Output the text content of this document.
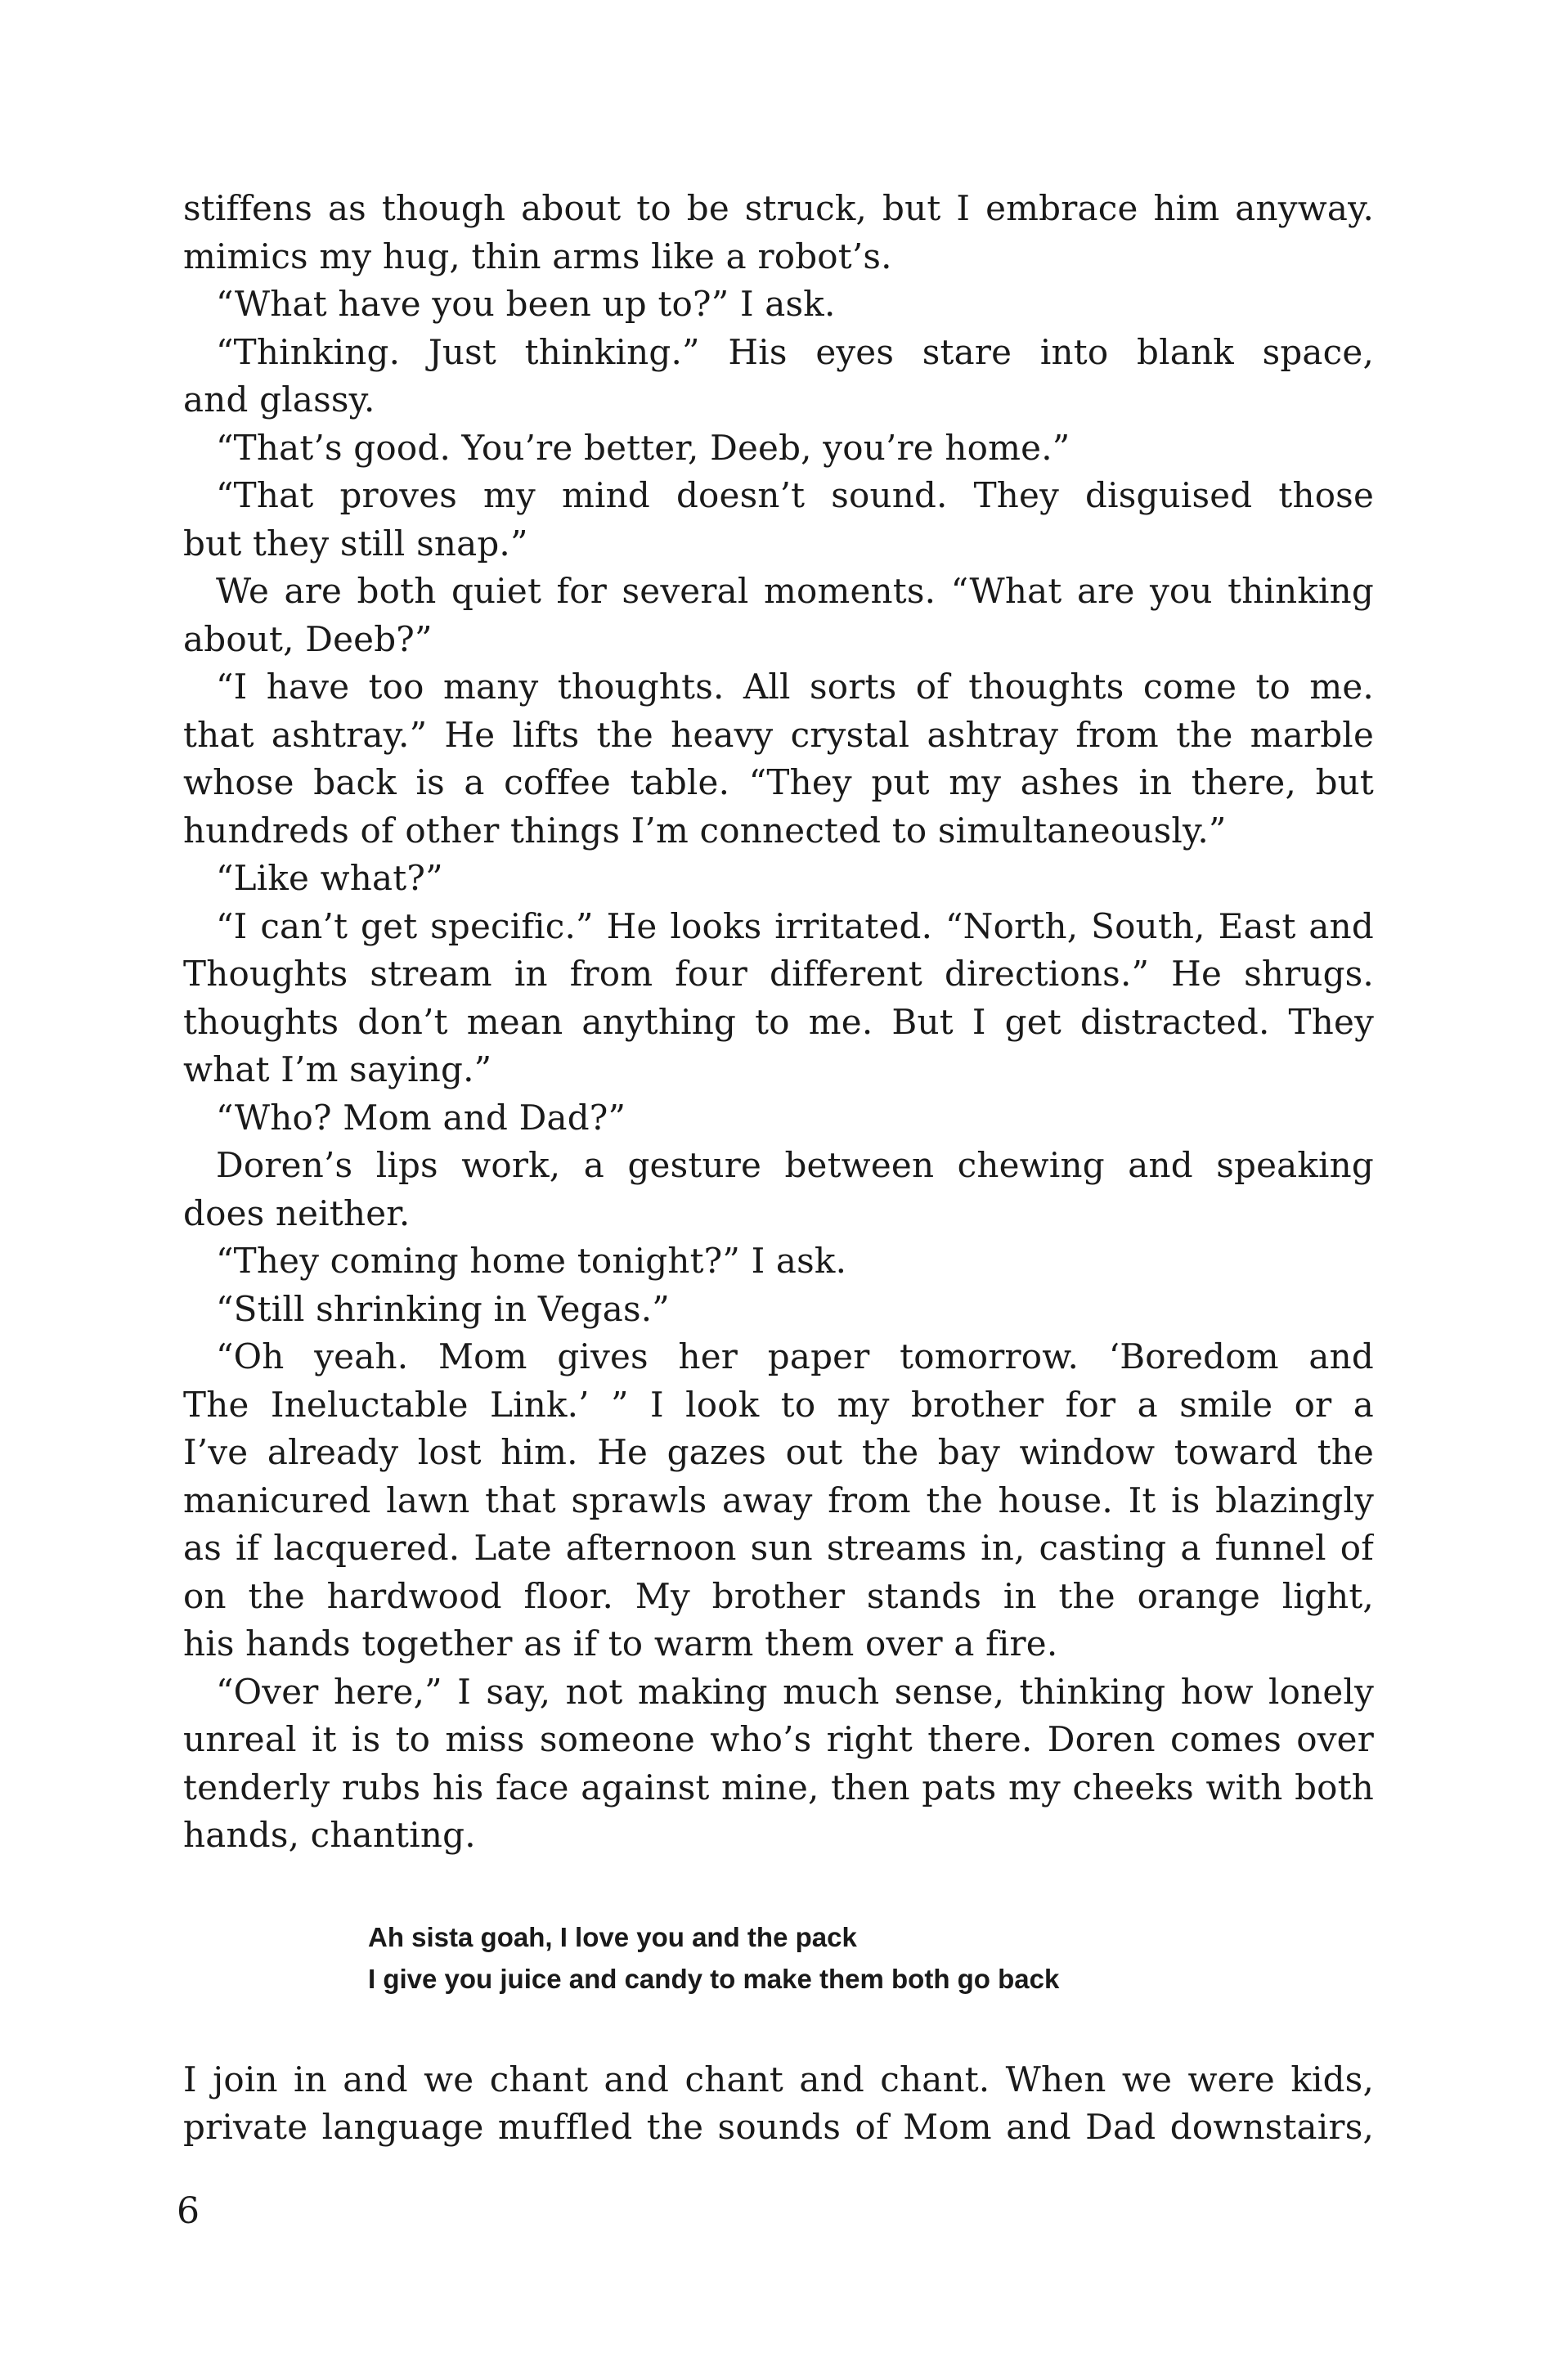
stiffens as though about to be struck, but I embrace him anyway.
mimics my hug, thin arms like a robot’s.
“What have you been up to?” I ask.
“Thinking. Just thinking.” His eyes stare into blank space,
and glassy.
“That’s good. You’re better, Deeb, you’re home.”
“That proves my mind doesn’t sound. They disguised those
but they still snap.”
We are both quiet for several moments. “What are you thinking
about, Deeb?”
“I have too many thoughts. All sorts of thoughts come to me.
that ashtray.” He lifts the heavy crystal ashtray from the marble
whose back is a coffee table. “They put my ashes in there, but
hundreds of other things I’m connected to simultaneously.”
“Like what?”
“I can’t get specific.” He looks irritated. “North, South, East and
Thoughts stream in from four different directions.” He shrugs.
thoughts don’t mean anything to me. But I get distracted. They
what I’m saying.”
“Who? Mom and Dad?”
Doren’s lips work, a gesture between chewing and speaking
does neither.
“They coming home tonight?” I ask.
“Still shrinking in Vegas.”
“Oh yeah. Mom gives her paper tomorrow. ‘Boredom and
The Ineluctable Link.’ ” I look to my brother for a smile or a
I’ve already lost him. He gazes out the bay window toward the
manicured lawn that sprawls away from the house. It is blazingly
as if lacquered. Late afternoon sun streams in, casting a funnel of
on the hardwood floor. My brother stands in the orange light,
his hands together as if to warm them over a fire.
“Over here,” I say, not making much sense, thinking how lonely
unreal it is to miss someone who’s right there. Doren comes over
tenderly rubs his face against mine, then pats my cheeks with both
hands, chanting.
Ah sista goah, I love you and the pack
I give you juice and candy to make them both go back
I join in and we chant and chant and chant. When we were kids,
private language muffled the sounds of Mom and Dad downstairs,
6
